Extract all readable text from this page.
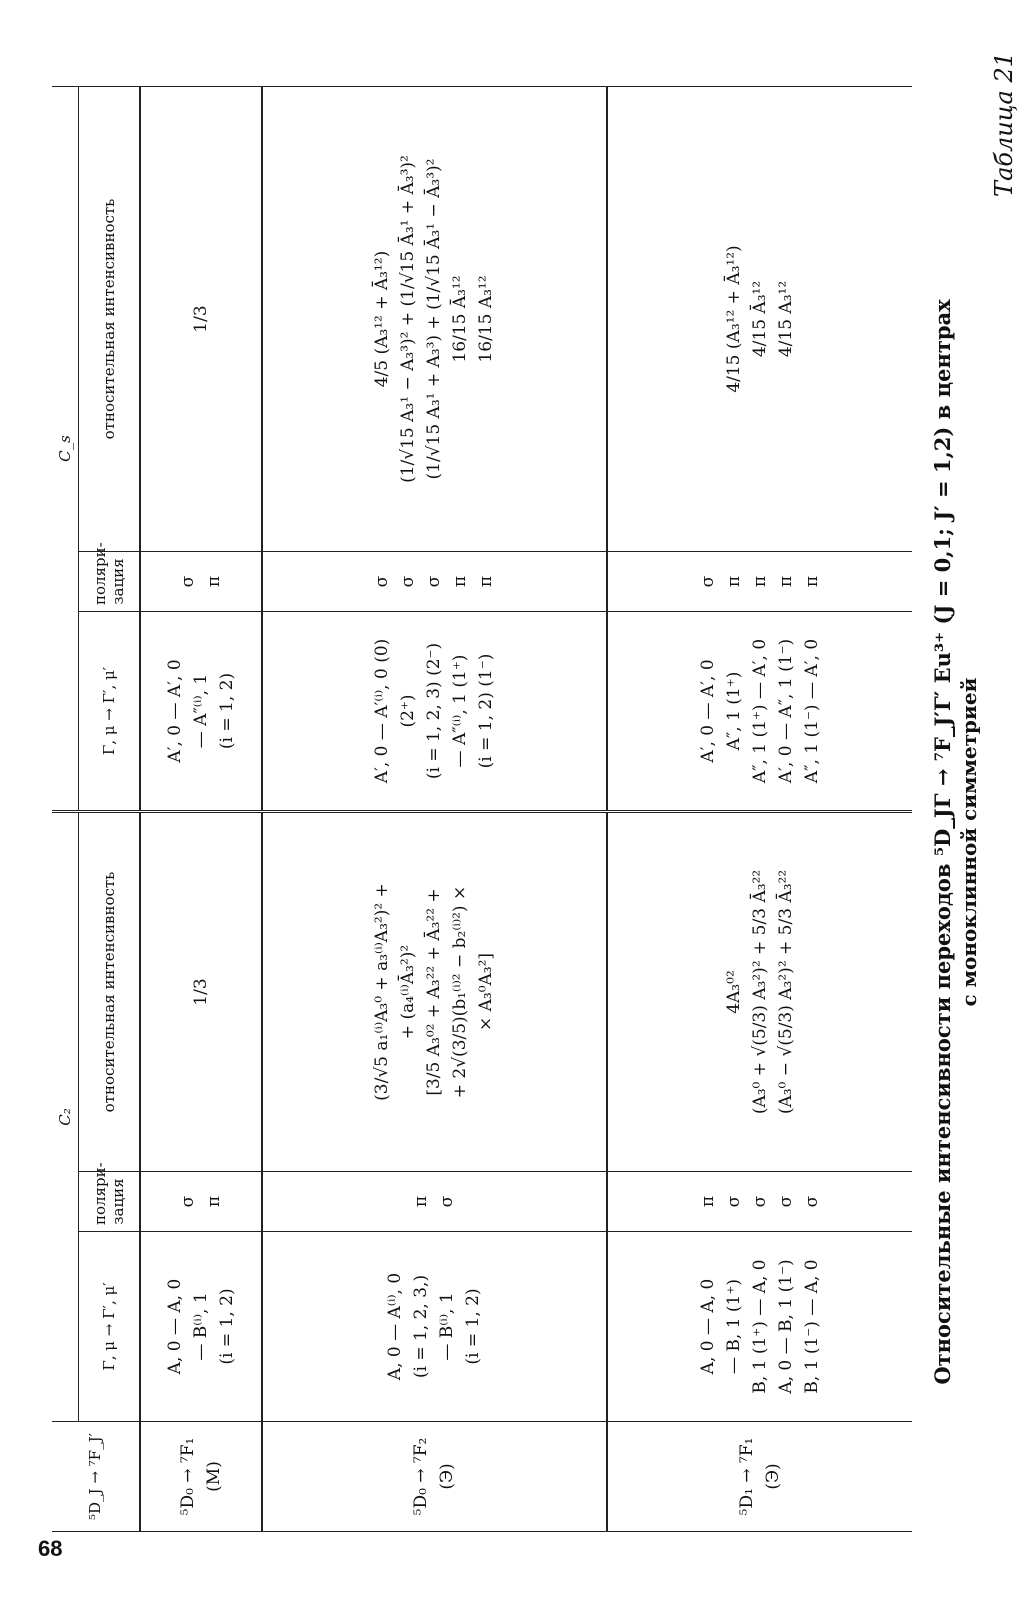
68
Таблица 21
Относительные интенсивности переходов ⁵D_JΓ → ⁷F_J′Γ′ Eu³⁺ (J = 0,1; J′ = 1,2) в центрах с моноклинной симметрией
⁵D_J → ⁷F_J′	C₂			C_s		
	Γ, μ → Γ′, μ′	поляри-зация	относительная интенсивность	Γ, μ → Γ′, μ′	поляри-зация	относительная интенсивность

⁵D₀ → ⁷F₁ (M)	A, 0 — A, 0 — B⁽ⁱ⁾, 1 (i = 1, 2)	σ π	1/3	A′, 0 — A′, 0 — A″⁽ⁱ⁾, 1 (i = 1, 2)	σ π	1/3

⁵D₀ → ⁷F₂ (Э)	A, 0 — A⁽ⁱ⁾, 0 (i = 1, 2, 3,) — B⁽ⁱ⁾, 1 (i = 1, 2)	π σ	(3/√5 a₁⁽ⁱ⁾A₃⁰ + a₃⁽ⁱ⁾A₃²)² + + (a₄⁽ⁱ⁾Ā₃²)² [3/5 A₃⁰² + A₃²² + Ā₃²² + + 2√(3/5)(b₁⁽ⁱ⁾² − b₂⁽ⁱ⁾²) × × A₃⁰A₃²]	A′, 0 — A′⁽ⁱ⁾, 0 (0) (2⁺) (i = 1, 2, 3) (2⁻) — A″⁽ⁱ⁾, 1 (1⁺) (i = 1, 2) (1⁻)	σ σ σ π π	4/5 (A₃¹² + Ā₃¹²) (1/√15 A₃¹ − A₃³)² + (1/√15 Ā₃¹ + Ā₃³)² (1/√15 A₃¹ + A₃³) + (1/√15 Ā₃¹ − Ā₃³)² 16/15 Ā₃¹² 16/15 A₃¹²

⁵D₁ → ⁷F₁ (Э)	A, 0 — A, 0 — B, 1 (1⁺) B, 1 (1⁺) — A, 0 A, 0 — B, 1 (1⁻) B, 1 (1⁻) — A, 0	π σ σ σ σ	4A₃⁰² (A₃⁰ + √(5/3) A₃²)² + 5/3 Ā₃²² (A₃⁰ − √(5/3) A₃²)² + 5/3 Ā₃²²	A′, 0 — A′, 0 A″, 1 (1⁺) A″, 1 (1⁺) — A′, 0 A′, 0 — A″, 1 (1⁻) A″, 1 (1⁻) — A′, 0	σ π π π π	4/15 (A₃¹² + Ā₃¹²) 4/15 Ā₃¹² 4/15 A₃¹²
